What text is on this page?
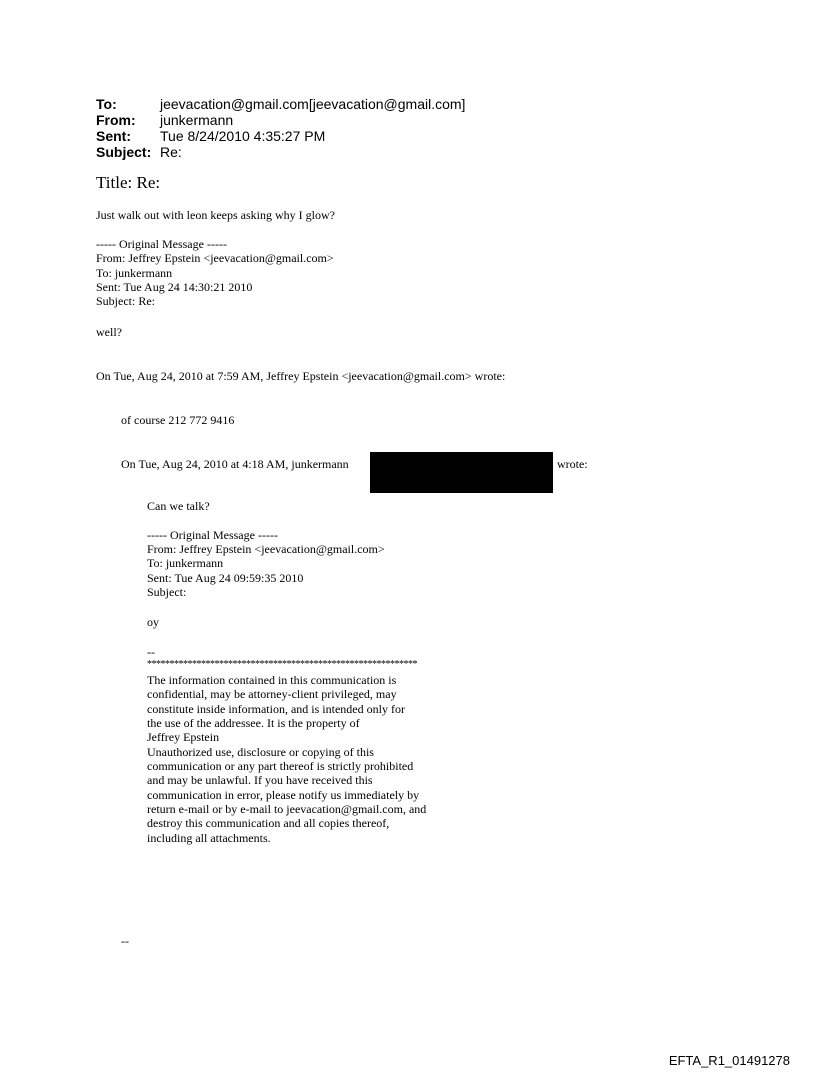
To:	jeevacation@gmail.com[jeevacation@gmail.com]
From: junkermann
Sent: Tue 8/24/2010 4:35:27 PM
Subject: Re:
Title: Re:
Just walk out with leon keeps asking why I glow?
----- Original Message -----
From: Jeffrey Epstein <jeevacation@gmail.com>
To: junkermann
Sent: Tue Aug 24 14:30:21 2010
Subject: Re:
well?
On Tue, Aug 24, 2010 at 7:59 AM, Jeffrey Epstein <jeevacation@gmail.com> wrote:
of course 212 772 9416
On Tue, Aug 24, 2010 at 4:18 AM, junkermann	wrote:
Can we talk?
----- Original Message -----
From: Jeffrey Epstein <jeevacation@gmail.com>
To: junkermann
Sent: Tue Aug 24 09:59:35 2010
Subject:
oy
--
************************************************************
The information contained in this communication is
confidential, may be attorney-client privileged, may
constitute inside information, and is intended only for
the use of the addressee. It is the property of
Jeffrey Epstein
Unauthorized use, disclosure or copying of this
communication or any part thereof is strictly prohibited
and may be unlawful. If you have received this
communication in error, please notify us immediately by
return e-mail or by e-mail to jeevacation@gmail.com, and
destroy this communication and all copies thereof,
including all attachments.
--
EFTA_R1_01491278
